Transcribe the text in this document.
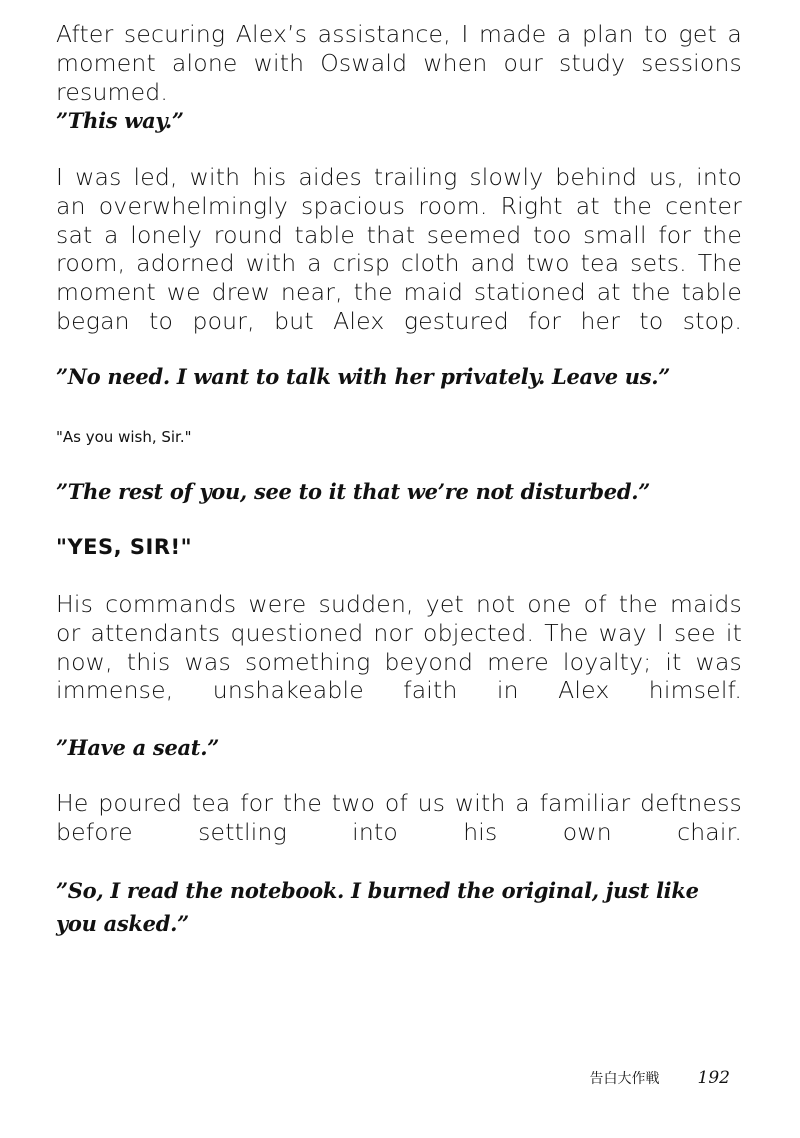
After securing Alex’s assistance, I made a plan to get a moment alone with Oswald when our study sessions resumed.

”This way.”

I was led, with his aides trailing slowly behind us, into an overwhelmingly spacious room. Right at the center sat a lonely round table that seemed too small for the room, adorned with a crisp cloth and two tea sets. The moment we drew near, the maid stationed at the table began to pour, but Alex gestured for her to stop.

”No need. I want to talk with her privately. Leave us.”

"As you wish, Sir."

”The rest of you, see to it that we’re not disturbed.”

"YES, SIR!"

His commands were sudden, yet not one of the maids or attendants questioned nor objected. The way I see it now, this was something beyond mere loyalty; it was immense, unshakeable faith in Alex himself.

”Have a seat.”

He poured tea for the two of us with a familiar deftness before settling into his own chair.

”So, I read the notebook. I burned the original, just like you asked.”

告白大作戦 192
